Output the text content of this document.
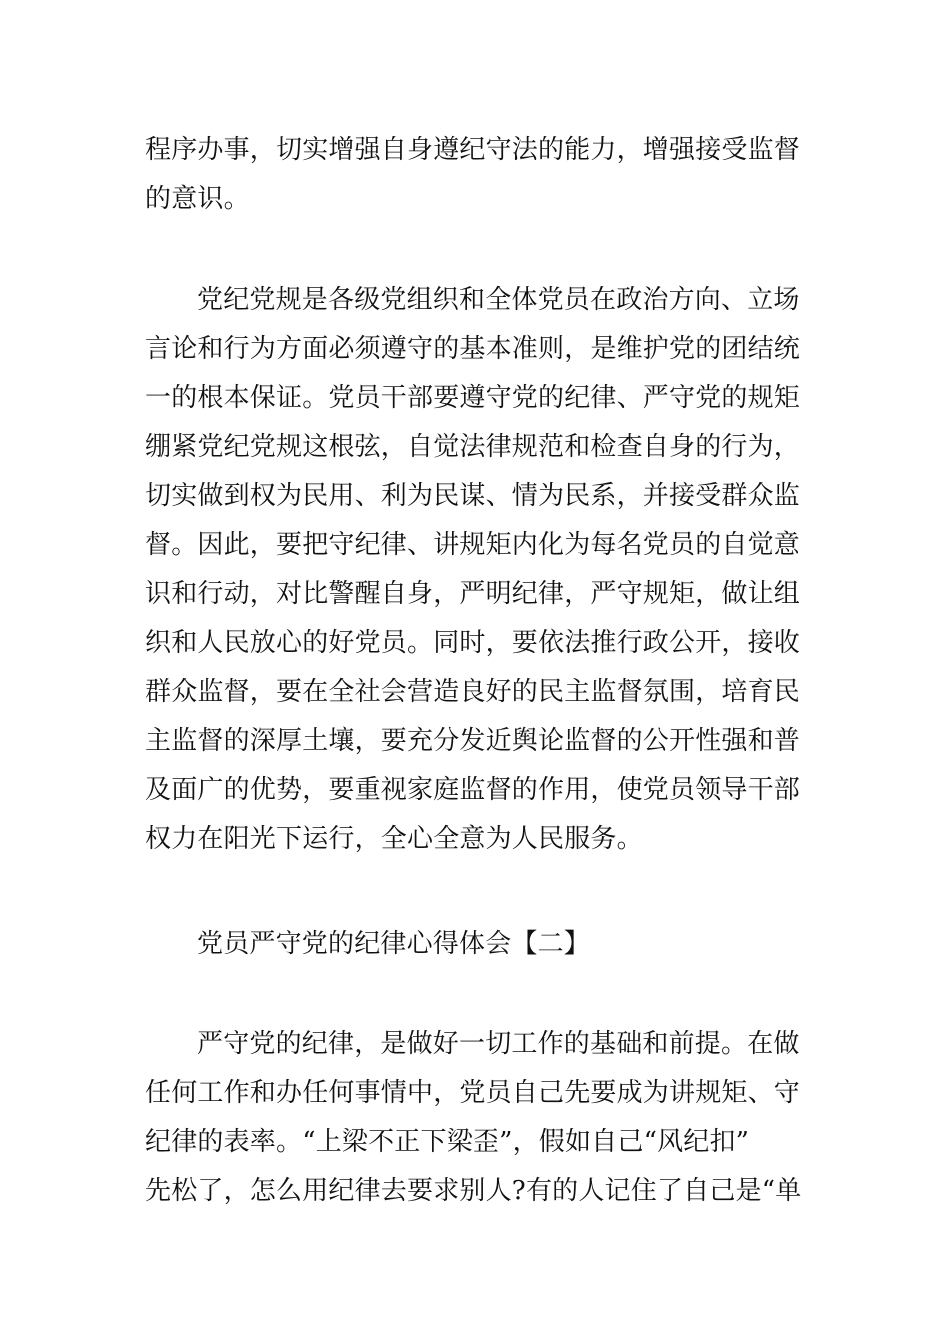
程序办事，切实增强自身遵纪守法的能力，增强接受监督
的意识。
党纪党规是各级党组织和全体党员在政治方向、立场
言论和行为方面必须遵守的基本准则，是维护党的团结统
一的根本保证。党员干部要遵守党的纪律、严守党的规矩
绷紧党纪党规这根弦，自觉法律规范和检查自身的行为，
切实做到权为民用、利为民谋、情为民系，并接受群众监
督。因此，要把守纪律、讲规矩内化为每名党员的自觉意
识和行动，对比警醒自身，严明纪律，严守规矩，做让组
织和人民放心的好党员。同时，要依法推行政公开，接收
群众监督，要在全社会营造良好的民主监督氛围，培育民
主监督的深厚土壤，要充分发近舆论监督的公开性强和普
及面广的优势，要重视家庭监督的作用，使党员领导干部
权力在阳光下运行，全心全意为人民服务。
党员严守党的纪律心得体会【二】
严守党的纪律，是做好一切工作的基础和前提。在做
任何工作和办任何事情中，党员自己先要成为讲规矩、守
纪律的表率。“上梁不正下梁歪”，假如自己“风纪扣”
先松了，怎么用纪律去要求别人?有的人记住了自己是“单
